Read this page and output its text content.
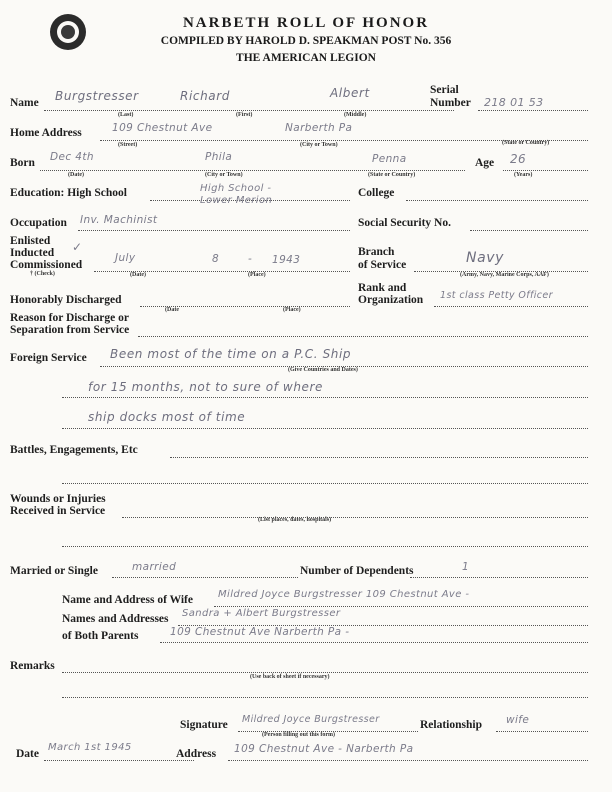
NARBETH ROLL OF HONOR
COMPILED BY HAROLD D. SPEAKMAN POST No. 356
THE AMERICAN LEGION
Name Burgstresser	Richard	Albert
(Last)	(First)	(Middle)
Serial
Number 218 01 53
Home Address	109 Chestnut Ave	Narberth Pa
(Street)	(City or Town)	(State or Country)
Born Dec 4th	Phila	Penna
(Date)	(City or Town)	(State or Country)
Age 26
(Years)
Education: High School	High School -
Lower Merion
College
Occupation Inv. Machinist	Social Security No.
Enlisted
Inducted ✓
Commissioned
July	8	- 1943
† (Check)	(Date)	(Place)
Branch
of Service	Navy
(Army, Navy, Marine Corps, AAF)
Rank and
Organization 1st class Petty Officer
Honorably Discharged
(Date	(Place)
Reason for Discharge or
Separation from Service
Foreign Service Been most of the time on a P.C. Ship
(Give Countries and Dates)
for 15 months, not to sure of where
ship docks most of time
Battles, Engagements, Etc
Wounds or Injuries
Received in Service
(List places, dates, hospitals)
Married or Single	married	Number of Dependents	1
Name and Address of Wife	Mildred Joyce Burgstresser 109 Chestnut Ave -
Names and Addresses Sandra + Albert Burgstresser
of Both Parents	109 Chestnut Ave Narberth Pa -
Remarks
(Use back of sheet if necessary)
Signature Mildred Joyce Burgstresser
(Person filling out this form)
Relationship wife
Date
March 1st 1945
Address 109 Chestnut Ave - Narberth Pa
